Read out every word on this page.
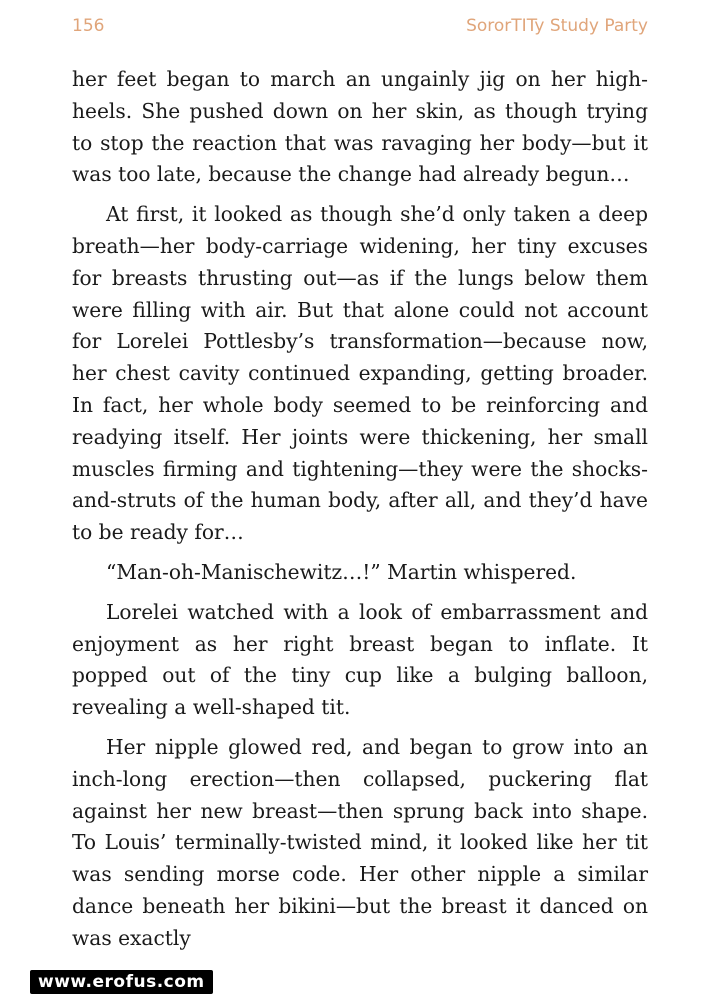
156	SororTITy Study Party

her feet began to march an ungainly jig on her high-heels. She pushed down on her skin, as though trying to stop the reaction that was ravaging her body—but it was too late, because the change had already begun…

At first, it looked as though she’d only taken a deep breath—her body-carriage widening, her tiny excuses for breasts thrusting out—as if the lungs below them were filling with air. But that alone could not account for Lorelei Pottlesby’s transformation—because now, her chest cavity continued expanding, getting broader. In fact, her whole body seemed to be reinforcing and readying itself. Her joints were thickening, her small muscles firming and tightening—they were the shocks-and-struts of the human body, after all, and they’d have to be ready for…

“Man-oh-Manischewitz…!” Martin whispered.

Lorelei watched with a look of embarrassment and enjoyment as her right breast began to inflate. It popped out of the tiny cup like a bulging balloon, revealing a well-shaped tit.

Her nipple glowed red, and began to grow into an inch-long erection—then collapsed, puckering flat against her new breast—then sprung back into shape. To Louis’ terminally-twisted mind, it looked like her tit was sending morse code. Her other nipple a similar dance beneath her bikini—but the breast it danced on was exactly

www.erofus.com
